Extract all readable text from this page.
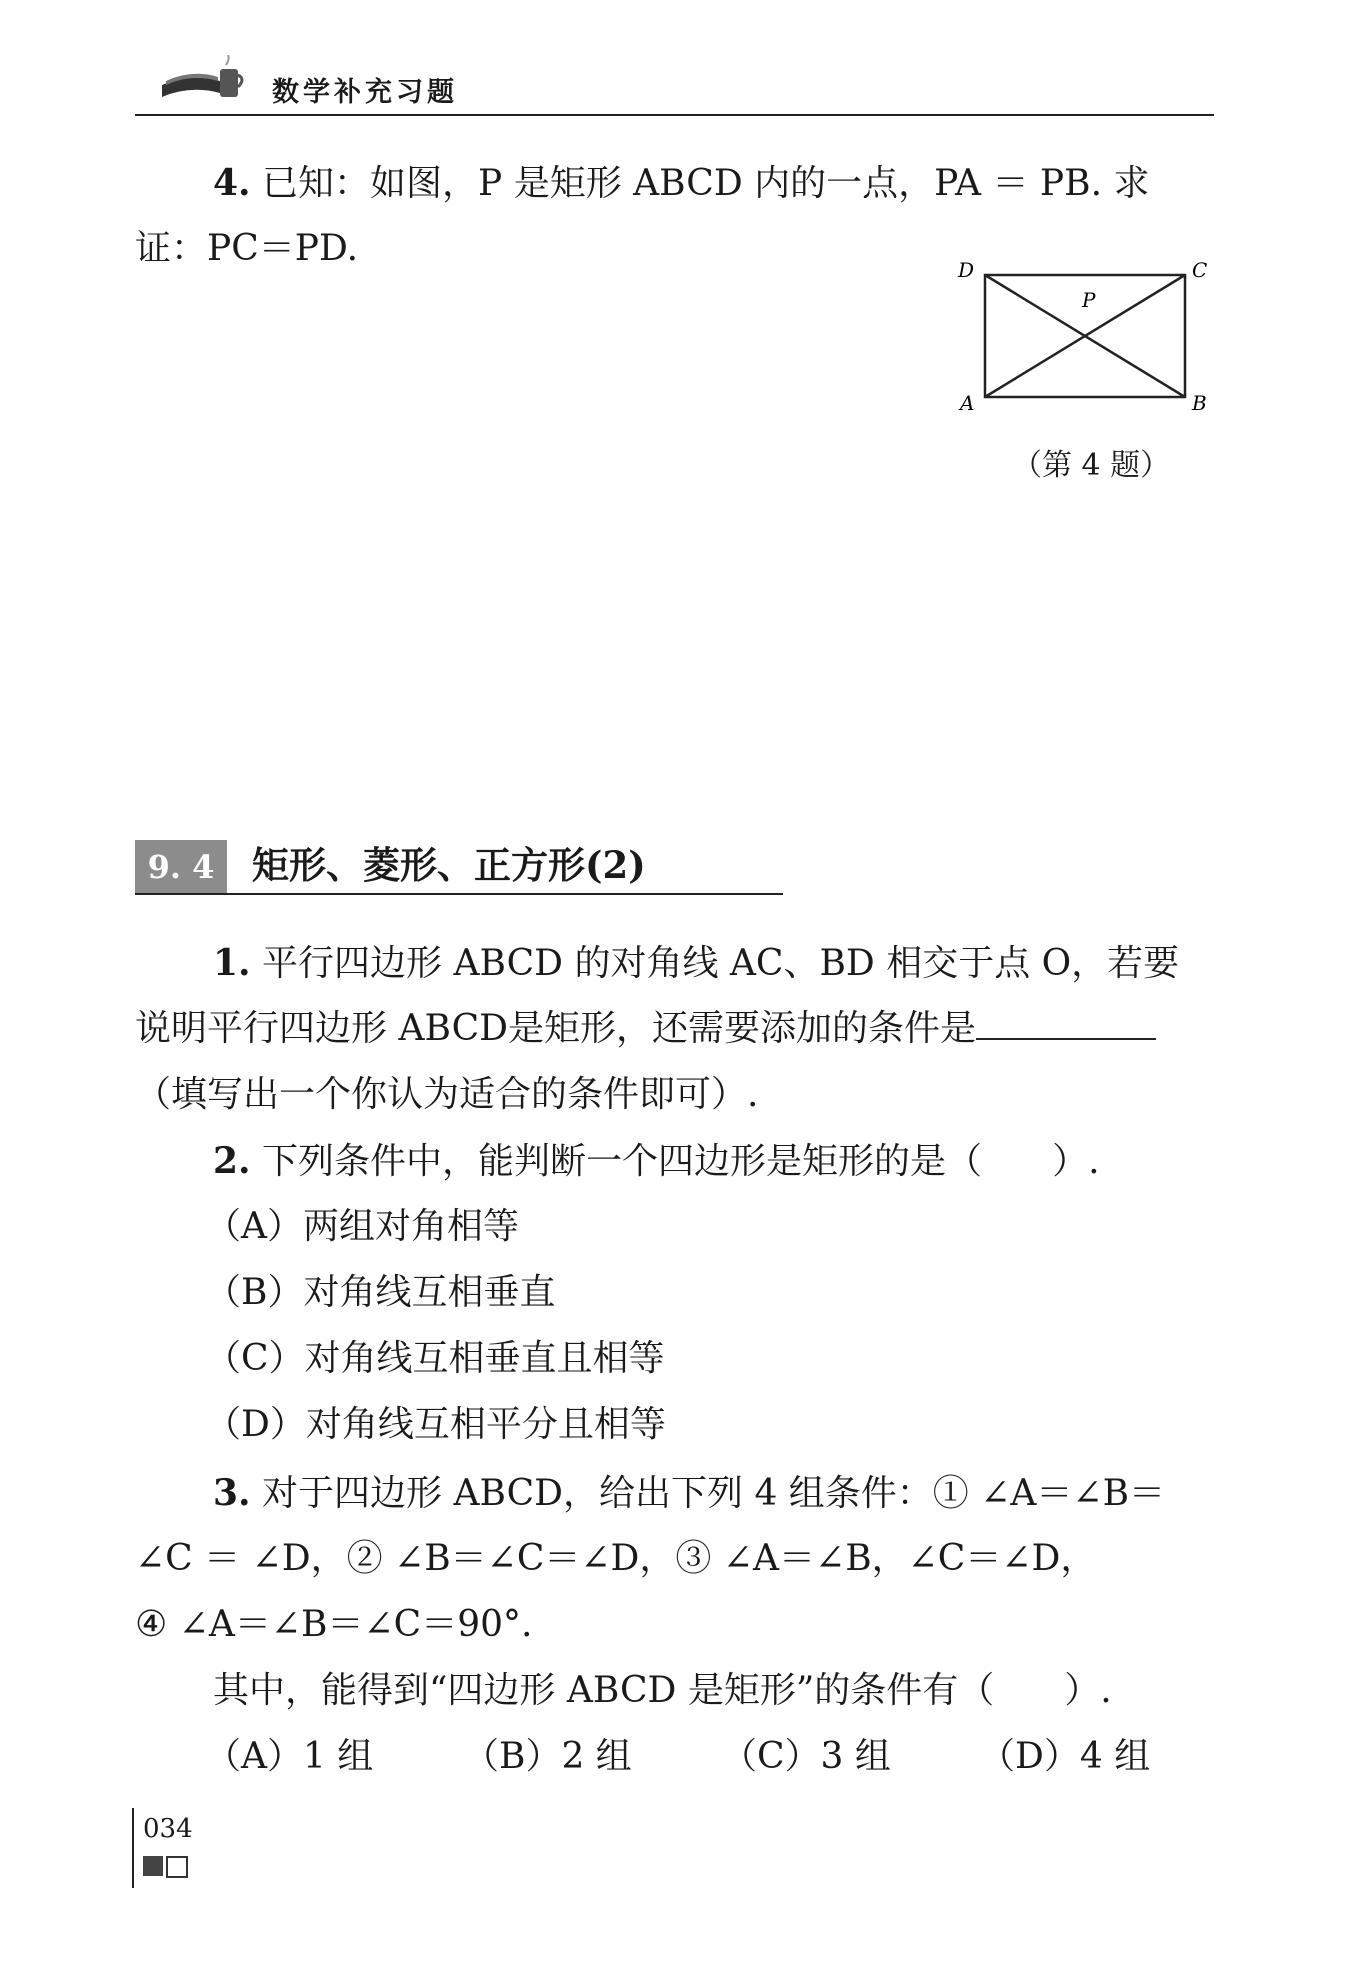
数学补充习题

4. 已知：如图，P 是矩形 ABCD 内的一点，PA ＝ PB. 求

证：PC＝PD.

D	C
P
A	B
（第 4 题）
9. 4	矩形、菱形、正方形(2)

1. 平行四边形 ABCD 的对角线 AC、BD 相交于点 O，若要

说明平行四边形 ABCD是矩形，还需要添加的条件是

（填写出一个你认为适合的条件即可）.

2. 下列条件中，能判断一个四边形是矩形的是（ ）.

（A）两组对角相等

（B）对角线互相垂直

（C）对角线互相垂直且相等

（D）对角线互相平分且相等

3. 对于四边形 ABCD，给出下列 4 组条件：① ∠A＝∠B＝

∠C ＝ ∠D，② ∠B＝∠C＝∠D，③ ∠A＝∠B，∠C＝∠D，

④ ∠A＝∠B＝∠C＝90°.

其中，能得到“四边形 ABCD 是矩形”的条件有（ ）.

（A）1 组 （B）2 组 （C）3 组 （D）4 组

034
